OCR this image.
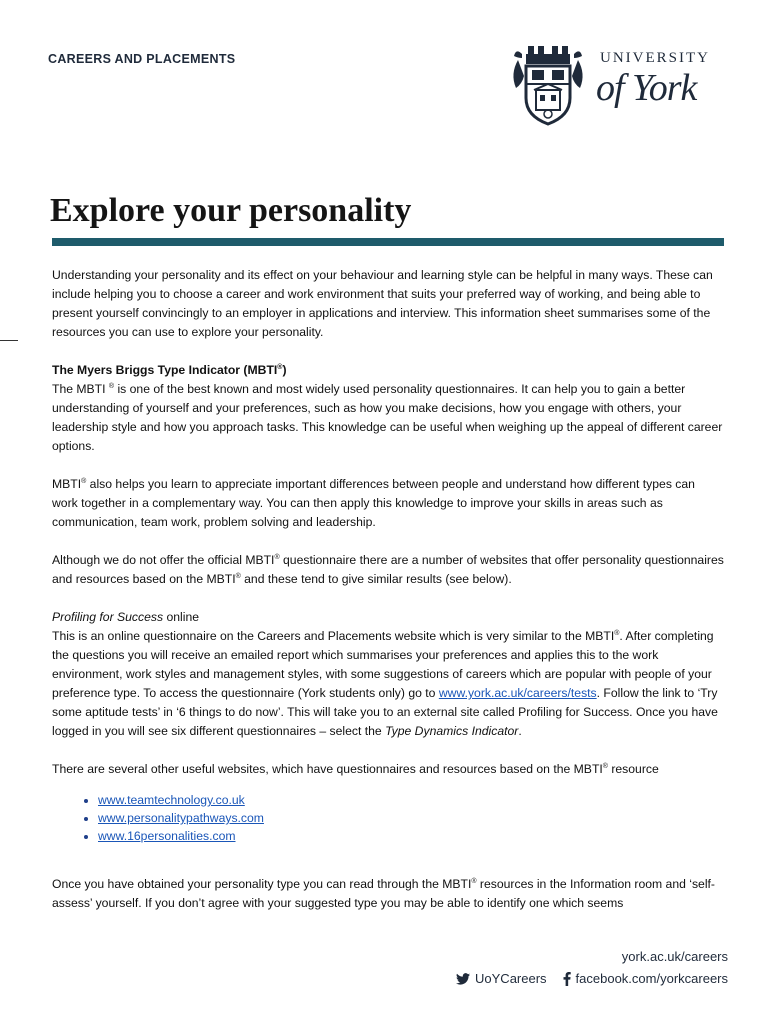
CAREERS AND PLACEMENTS	UNIVERSITY
of York
Explore your personality

Understanding your personality and its effect on your behaviour and learning style can be helpful in many ways. These can include helping you to choose a career and work environment that suits your preferred way of working, and being able to present yourself convincingly to an employer in applications and interview. This information sheet summarises some of the resources you can use to explore your personality.

The Myers Briggs Type Indicator (MBTI®)
The MBTI ® is one of the best known and most widely used personality questionnaires. It can help you to gain a better understanding of yourself and your preferences, such as how you make decisions, how you engage with others, your leadership style and how you approach tasks. This knowledge can be useful when weighing up the appeal of different career options.

MBTI® also helps you learn to appreciate important differences between people and understand how different types can work together in a complementary way. You can then apply this knowledge to improve your skills in areas such as communication, team work, problem solving and leadership.

Although we do not offer the official MBTI® questionnaire there are a number of websites that offer personality questionnaires and resources based on the MBTI® and these tend to give similar results (see below).

Profiling for Success online
This is an online questionnaire on the Careers and Placements website which is very similar to the MBTI®. After completing the questions you will receive an emailed report which summarises your preferences and applies this to the work environment, work styles and management styles, with some suggestions of careers which are popular with people of your preference type. To access the questionnaire (York students only) go to www.york.ac.uk/careers/tests. Follow the link to ‘Try some aptitude tests’ in ‘6 things to do now’. This will take you to an external site called Profiling for Success. Once you have logged in you will see six different questionnaires – select the Type Dynamics Indicator.

There are several other useful websites, which have questionnaires and resources based on the MBTI® resource

• www.teamtechnology.co.uk
• www.personalitypathways.com
• www.16personalities.com

Once you have obtained your personality type you can read through the MBTI® resources in the Information room and ‘self-assess’ yourself. If you don’t agree with your suggested type you may be able to identify one which seems

york.ac.uk/careers
UoYCareers facebook.com/yorkcareers
